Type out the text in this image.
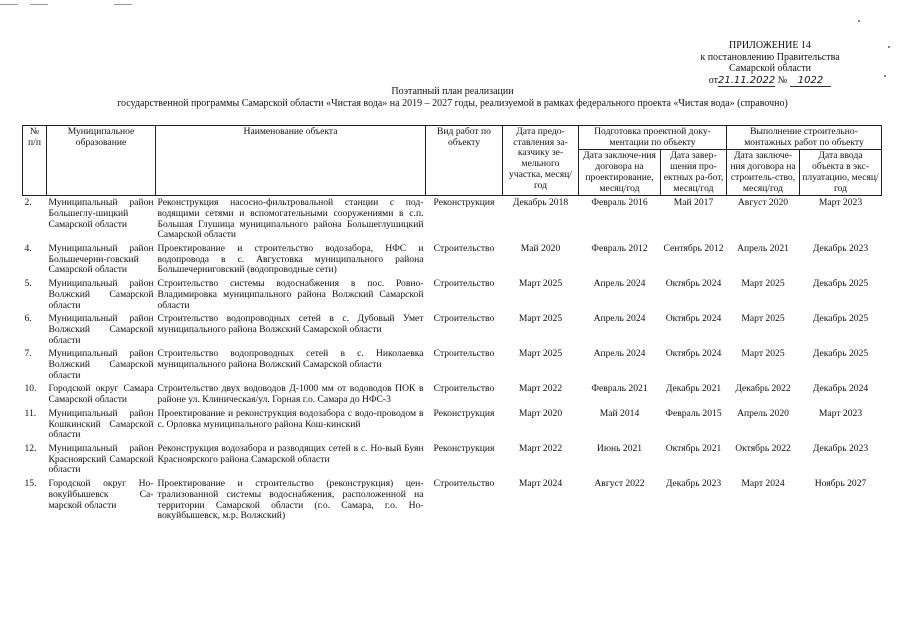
ПРИЛОЖЕНИЕ 14
к постановлению Правительства
Самарской области
от21.11.2022 № 1022
Поэтапный план реализации
государственной программы Самарской области «Чистая вода» на 2019 – 2027 годы, реализуемой в рамках федерального проекта «Чистая вода» (справочно)
№ п/п	Муниципальное образование	Наименование объекта	Вид работ по объекту	Дата предо-ставления за-казчику зе-мельного участка, месяц/год	Подготовка проектной доку-ментации по объекту		Выполнение строительно-монтажных работ по объекту	
					Дата заключе-ния договора на проектирование, месяц/год	Дата завер-шения про-ектных ра-бот, месяц/год	Дата заключе-ния договора на строитель-ство, месяц/год	Дата ввода объекта в экс-плуатацию, месяц/год
2.	Муниципальный район Большеглу-шицкий Самарской области	Реконструкция насосно-фильтровальной станции с под-водящими сетями и вспомогательными сооружениями в с.п. Большая Глушица муниципального района Большеглушицкий Самарской области	Реконструкция	Декабрь 2018	Февраль 2016	Май 2017	Август 2020	Март 2023
4.	Муниципальный район Большечерни-говский Самарской области	Проектирование и строительство водозабора, НФС и водопровода в с. Августовка муниципального района Большечерниговский (водопроводные сети)	Строительство	Май 2020	Февраль 2012	Сентябрь 2012	Апрель 2021	Декабрь 2023
5.	Муниципальный район Волжский Самарской области	Строительство системы водоснабжения в пос. Ровно-Владимировка муниципального района Волжский Самарской области	Строительство	Март 2025	Апрель 2024	Октябрь 2024	Март 2025	Декабрь 2025
6.	Муниципальный район Волжский Самарской области	Строительство водопроводных сетей в с. Дубовый Умет муниципального района Волжский Самарской области	Строительство	Март 2025	Апрель 2024	Октябрь 2024	Март 2025	Декабрь 2025
7.	Муниципальный район Волжский Самарской области	Строительство водопроводных сетей в с. Николаевка муниципального района Волжский Самарской области	Строительство	Март 2025	Апрель 2024	Октябрь 2024	Март 2025	Декабрь 2025
10.	Городской округ Самара Самарской области	Строительство двух водоводов Д-1000 мм от водоводов ПОК в районе ул. Клиническая/ул. Горная г.о. Самара до НФС-3	Строительство	Март 2022	Февраль 2021	Декабрь 2021	Декабрь 2022	Декабрь 2024
11.	Муниципальный район Кошкинский Самарской области	Проектирование и реконструкция водозабора с водо-проводом в с. Орловка муниципального района Кош-кинский	Реконструкция	Март 2020	Май 2014	Февраль 2015	Апрель 2020	Март 2023
12.	Муниципальный район Красноярский Самарской области	Реконструкция водозабора и разводящих сетей в с. Но-вый Буян Красноярского района Самарской области	Реконструкция	Март 2022	Июнь 2021	Октябрь 2021	Октябрь 2022	Декабрь 2023
15.	Городской округ Но-вокуйбышевск Са-марской области	Проектирование и строительство (реконструкция) цен-трализованной системы водоснабжения, расположенной на территории Самарской области (г.о. Самара, г.о. Но-вокуйбышевск, м.р. Волжский)	Строительство	Март 2024	Август 2022	Декабрь 2023	Март 2024	Ноябрь 2027
